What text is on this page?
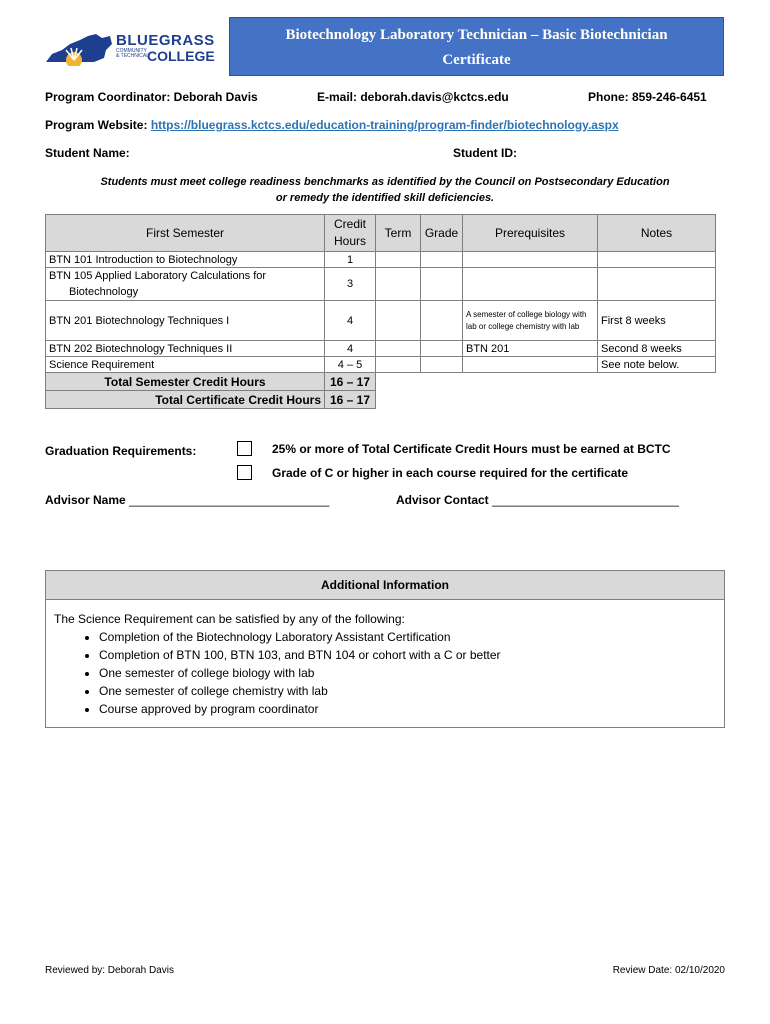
BLUEGRASS
COMMUNITY
& TECHNICAL
COLLEGE
Biotechnology Laboratory Technician – Basic Biotechnician
Certificate
Program Coordinator: Deborah Davis	E-mail: deborah.davis@kctcs.edu	Phone: 859-246-6451
Program Website: https://bluegrass.kctcs.edu/education-training/program-finder/biotechnology.aspx
Student Name:	Student ID:
Students must meet college readiness benchmarks as identified by the Council on Postsecondary Education
or remedy the identified skill deficiencies.
First Semester	Credit Hours	Term	Grade	Prerequisites	Notes
BTN 101 Introduction to Biotechnology	1				

BTN 105 Applied Laboratory Calculations for Biotechnology	3				
BTN 201 Biotechnology Techniques I	4			A semester of college biology with lab or college chemistry with lab	First 8 weeks
BTN 202 Biotechnology Techniques II	4			BTN 201	Second 8 weeks
Science Requirement	4 – 5				See note below.
Total Semester Credit Hours	16 – 17				
Total Certificate Credit Hours	16 – 17				
Graduation Requirements:	25% or more of Total Certificate Credit Hours must be earned at BCTC
Grade of C or higher in each course required for the certificate
Advisor Name ______________________________	Advisor Contact ____________________________
Additional Information
The Science Requirement can be satisfied by any of the following:
• Completion of the Biotechnology Laboratory Assistant Certification
• Completion of BTN 100, BTN 103, and BTN 104 or cohort with a C or better
• One semester of college biology with lab
• One semester of college chemistry with lab
• Course approved by program coordinator
Reviewed by: Deborah Davis	Review Date: 02/10/2020
